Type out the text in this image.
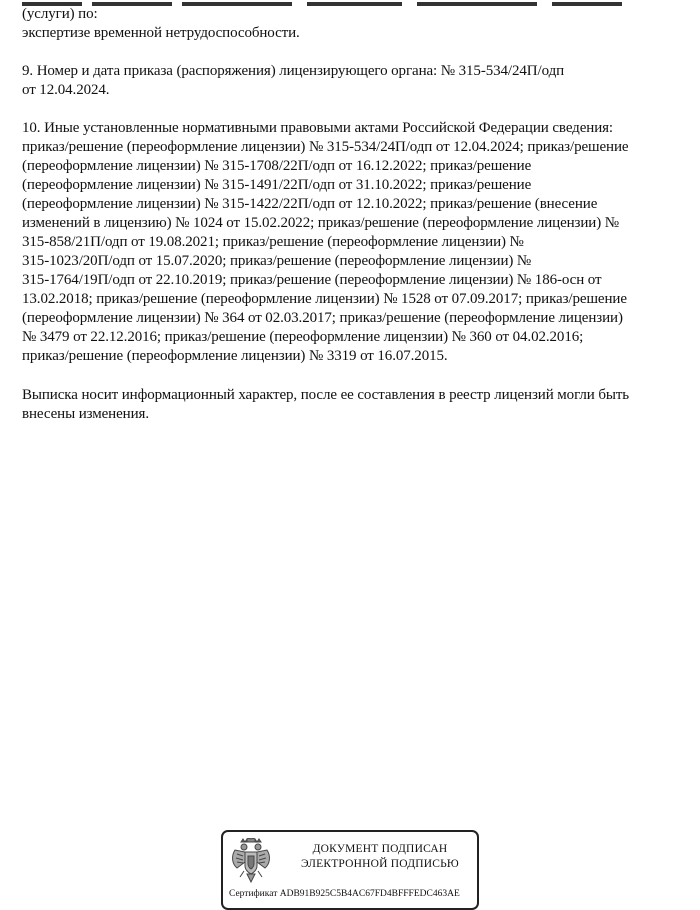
(услуги) по:
экспертизе временной нетрудоспособности.
9. Номер и дата приказа (распоряжения) лицензирующего органа: № 315-534/24П/одп
от 12.04.2024.
10. Иные установленные нормативными правовыми актами Российской Федерации сведения:
приказ/решение (переоформление лицензии) № 315-534/24П/одп от 12.04.2024; приказ/решение
(переоформление лицензии) № 315-1708/22П/одп от 16.12.2022; приказ/решение
(переоформление лицензии) № 315-1491/22П/одп от 31.10.2022; приказ/решение
(переоформление лицензии) № 315-1422/22П/одп от 12.10.2022; приказ/решение (внесение
изменений в лицензию) № 1024 от 15.02.2022; приказ/решение (переоформление лицензии) №
315-858/21П/одп от 19.08.2021; приказ/решение (переоформление лицензии) №
315-1023/20П/одп от 15.07.2020; приказ/решение (переоформление лицензии) №
315-1764/19П/одп от 22.10.2019; приказ/решение (переоформление лицензии) № 186-осн от
13.02.2018; приказ/решение (переоформление лицензии) № 1528 от 07.09.2017; приказ/решение
(переоформление лицензии) № 364 от 02.03.2017; приказ/решение (переоформление лицензии)
№ 3479 от 22.12.2016; приказ/решение (переоформление лицензии) № 360 от 04.02.2016;
приказ/решение (переоформление лицензии) № 3319 от 16.07.2015.
Выписка носит информационный характер, после ее составления в реестр лицензий могли быть
внесены изменения.
ДОКУМЕНТ ПОДПИСАН
ЭЛЕКТРОННОЙ ПОДПИСЬЮ
Сертификат ADB91B925C5B4AC67FD4BFFFEDC463AE
